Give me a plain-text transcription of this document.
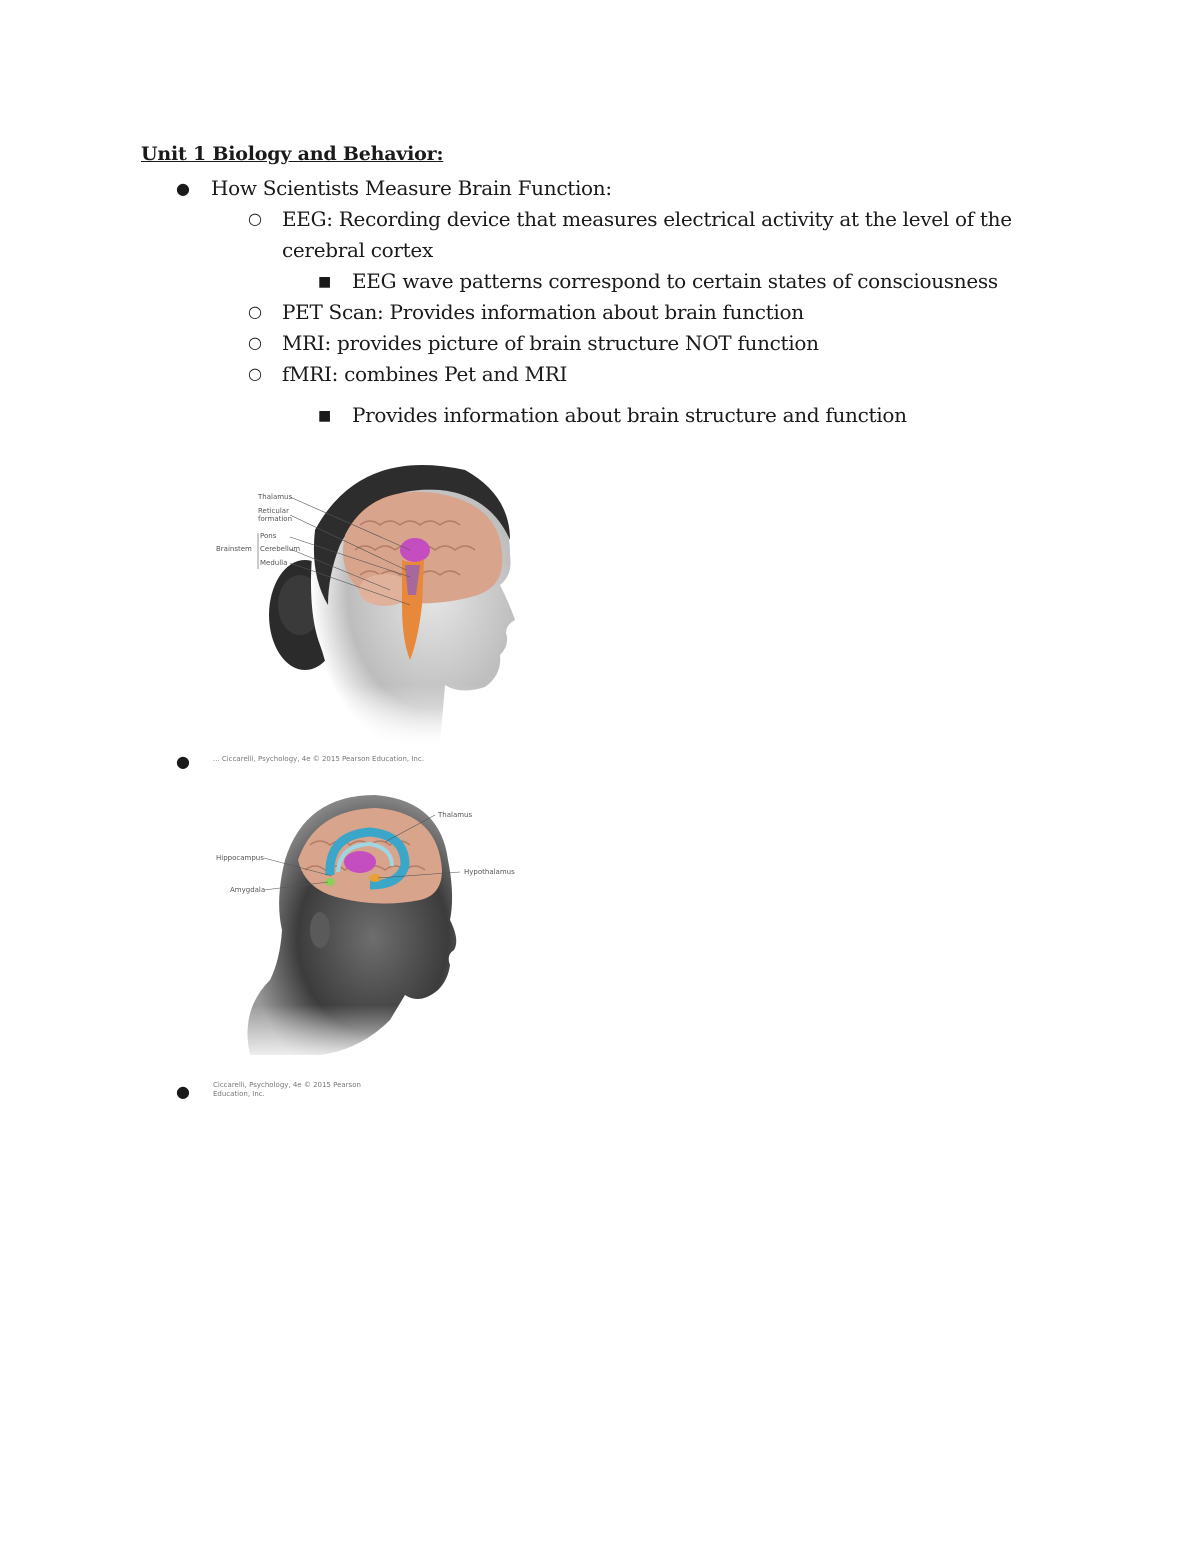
Unit 1 Biology and Behavior:
● How Scientists Measure Brain Function:
○ EEG: Recording device that measures electrical activity at the level of the
cerebral cortex
■ EEG wave patterns correspond to certain states of consciousness
○ PET Scan: Provides information about brain function
○ MRI: provides picture of brain structure NOT function
○ fMRI: combines Pet and MRI
■ Provides information about brain structure and function
Thalamus
Reticular
formation
Pons
Cerebellum
Medulla
Brainstem
●	... Ciccarelli, Psychology, 4e © 2015 Pearson Education, Inc.
Thalamus
Hippocampus
Amygdala
Hypothalamus
●	Ciccarelli, Psychology, 4e © 2015 Pearson
Education, Inc.
